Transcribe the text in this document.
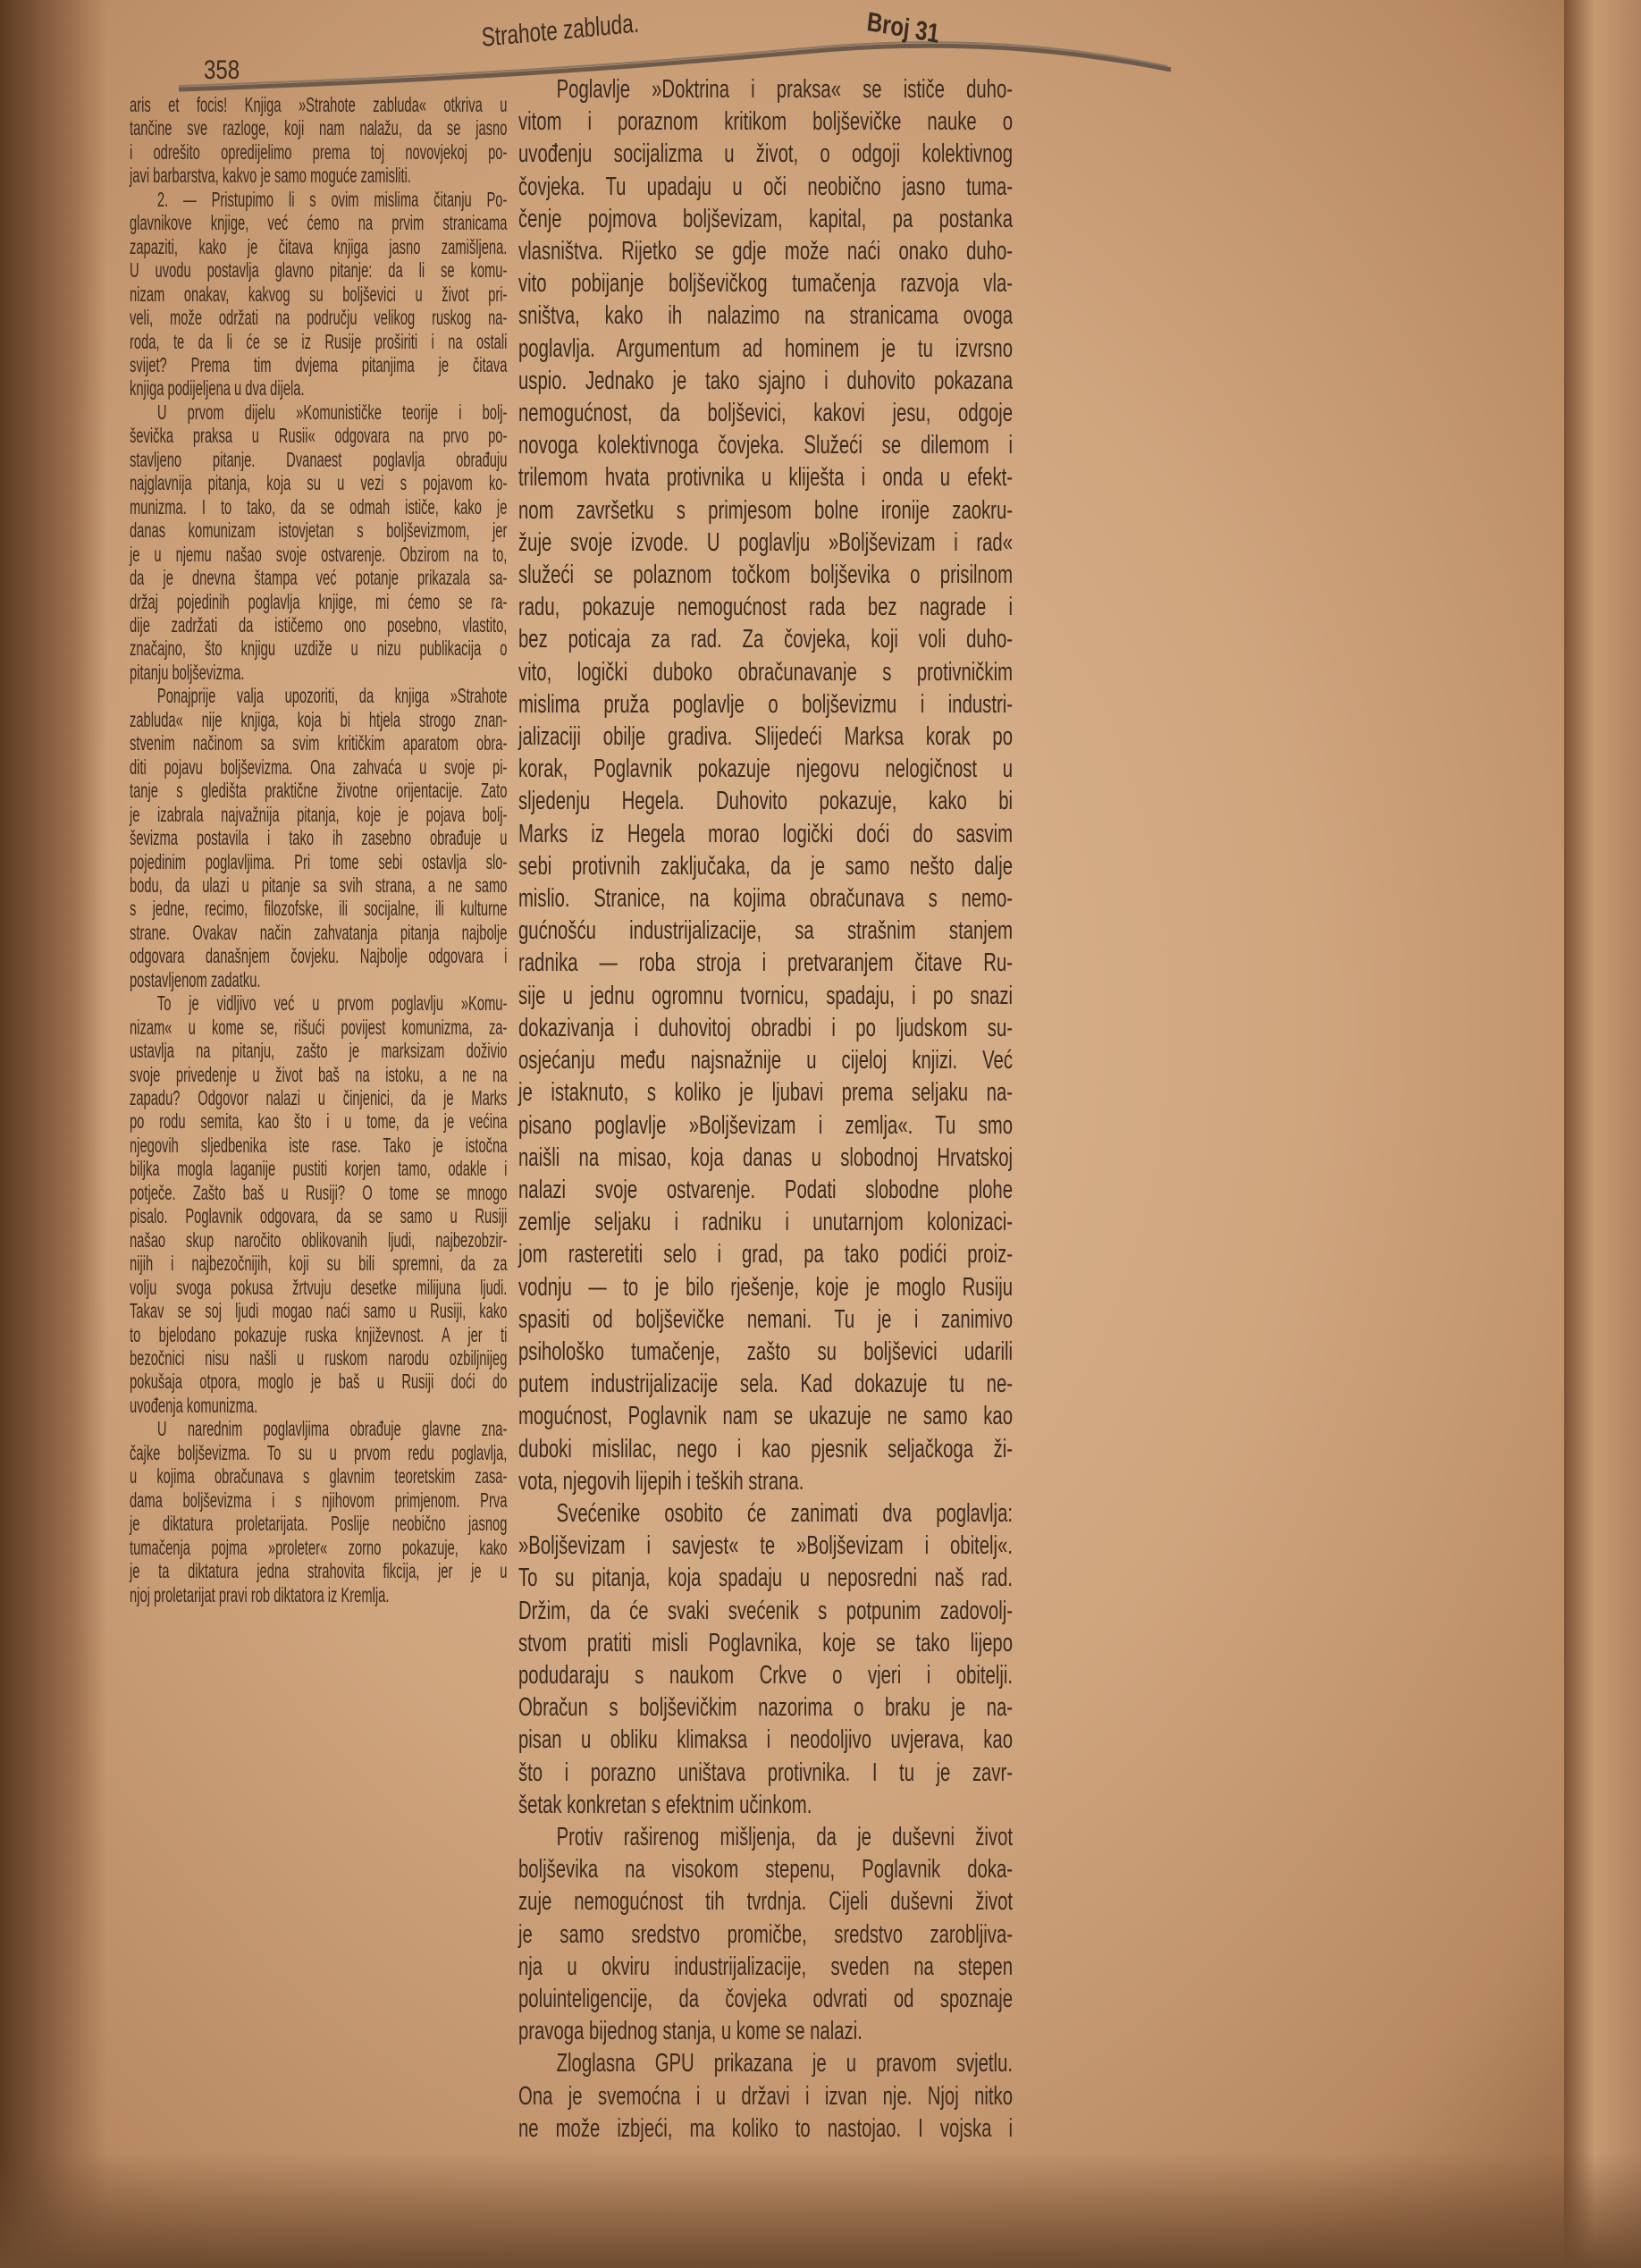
358
Strahote zabluda.	Broj 31
aris et focis! Knjiga »Strahote zabluda« otkriva u
tančine sve razloge, koji nam nalažu, da se jasno
i odrešito opredijelimo prema toj novovjekoj po-
javi barbarstva, kakvo je samo moguće zamisliti.
2. — Pristupimo li s ovim mislima čitanju Po-
glavnikove knjige, već ćemo na prvim stranicama
zapaziti, kako je čitava knjiga jasno zamišljena.
U uvodu postavlja glavno pitanje: da li se komu-
nizam onakav, kakvog su boljševici u život pri-
veli, može održati na području velikog ruskog na-
roda, te da li će se iz Rusije proširiti i na ostali
svijet? Prema tim dvjema pitanjima je čitava
knjiga podijeljena u dva dijela.
U prvom dijelu »Komunističke teorije i bolj-
ševička praksa u Rusii« odgovara na prvo po-
stavljeno pitanje. Dvanaest poglavlja obrađuju
najglavnija pitanja, koja su u vezi s pojavom ko-
munizma. I to tako, da se odmah ističe, kako je
danas komunizam istovjetan s boljševizmom, jer
je u njemu našao svoje ostvarenje. Obzirom na to,
da je dnevna štampa već potanje prikazala sa-
držaj pojedinih poglavlja knjige, mi ćemo se ra-
dije zadržati da ističemo ono posebno, vlastito,
značajno, što knjigu uzdiže u nizu publikacija o
pitanju boljševizma.
Ponajprije valja upozoriti, da knjiga »Strahote
zabluda« nije knjiga, koja bi htjela strogo znan-
stvenim načinom sa svim kritičkim aparatom obra-
diti pojavu boljševizma. Ona zahvaća u svoje pi-
tanje s gledišta praktične životne orijentacije. Zato
je izabrala najvažnija pitanja, koje je pojava bolj-
ševizma postavila i tako ih zasebno obrađuje u
pojedinim poglavljima. Pri tome sebi ostavlja slo-
bodu, da ulazi u pitanje sa svih strana, a ne samo
s jedne, recimo, filozofske, ili socijalne, ili kulturne
strane. Ovakav način zahvatanja pitanja najbolje
odgovara današnjem čovjeku. Najbolje odgovara i
postavljenom zadatku.
To je vidljivo već u prvom poglavlju »Komu-
nizam« u kome se, rišući povijest komunizma, za-
ustavlja na pitanju, zašto je marksizam doživio
svoje privedenje u život baš na istoku, a ne na
zapadu? Odgovor nalazi u činjenici, da je Marks
po rodu semita, kao što i u tome, da je većina
njegovih sljedbenika iste rase. Tako je istočna
biljka mogla laganije pustiti korjen tamo, odakle i
potječe. Zašto baš u Rusiji? O tome se mnogo
pisalo. Poglavnik odgovara, da se samo u Rusiji
našao skup naročito oblikovanih ljudi, najbezobzir-
nijih i najbezočnijih, koji su bili spremni, da za
volju svoga pokusa žrtvuju desetke milijuna ljudi.
Takav se soj ljudi mogao naći samo u Rusiji, kako
to bjelodano pokazuje ruska književnost. A jer ti
bezočnici nisu našli u ruskom narodu ozbiljnijeg
pokušaja otpora, moglo je baš u Rusiji doći do
uvođenja komunizma.
U narednim poglavljima obrađuje glavne zna-
čajke boljševizma. To su u prvom redu poglavlja,
u kojima obračunava s glavnim teoretskim zasa-
dama boljševizma i s njihovom primjenom. Prva
je diktatura proletarijata. Poslije neobično jasnog
tumačenja pojma »proleter« zorno pokazuje, kako
je ta diktatura jedna strahovita fikcija, jer je u
njoj proletarijat pravi rob diktatora iz Kremlja.
Poglavlje »Doktrina i praksa« se ističe duho-
vitom i poraznom kritikom boljševičke nauke o
uvođenju socijalizma u život, o odgoji kolektivnog
čovjeka. Tu upadaju u oči neobično jasno tuma-
čenje pojmova boljševizam, kapital, pa postanka
vlasništva. Rijetko se gdje može naći onako duho-
vito pobijanje boljševičkog tumačenja razvoja vla-
sništva, kako ih nalazimo na stranicama ovoga
poglavlja. Argumentum ad hominem je tu izvrsno
uspio. Jednako je tako sjajno i duhovito pokazana
nemogućnost, da boljševici, kakovi jesu, odgoje
novoga kolektivnoga čovjeka. Služeći se dilemom i
trilemom hvata protivnika u kliješta i onda u efekt-
nom završetku s primjesom bolne ironije zaokru-
žuje svoje izvode. U poglavlju »Boljševizam i rad«
služeći se polaznom točkom boljševika o prisilnom
radu, pokazuje nemogućnost rada bez nagrade i
bez poticaja za rad. Za čovjeka, koji voli duho-
vito, logički duboko obračunavanje s protivničkim
mislima pruža poglavlje o boljševizmu i industri-
jalizaciji obilje gradiva. Slijedeći Marksa korak po
korak, Poglavnik pokazuje njegovu nelogičnost u
sljedenju Hegela. Duhovito pokazuje, kako bi
Marks iz Hegela morao logički doći do sasvim
sebi protivnih zaključaka, da je samo nešto dalje
mislio. Stranice, na kojima obračunava s nemo-
gućnošću industrijalizacije, sa strašnim stanjem
radnika — roba stroja i pretvaranjem čitave Ru-
sije u jednu ogromnu tvornicu, spadaju, i po snazi
dokazivanja i duhovitoj obradbi i po ljudskom su-
osjećanju među najsnažnije u cijeloj knjizi. Već
je istaknuto, s koliko je ljubavi prema seljaku na-
pisano poglavlje »Boljševizam i zemlja«. Tu smo
naišli na misao, koja danas u slobodnoj Hrvatskoj
nalazi svoje ostvarenje. Podati slobodne plohe
zemlje seljaku i radniku i unutarnjom kolonizaci-
jom rasteretiti selo i grad, pa tako podići proiz-
vodnju — to je bilo rješenje, koje je moglo Rusiju
spasiti od boljševičke nemani. Tu je i zanimivo
psihološko tumačenje, zašto su boljševici udarili
putem industrijalizacije sela. Kad dokazuje tu ne-
mogućnost, Poglavnik nam se ukazuje ne samo kao
duboki mislilac, nego i kao pjesnik seljačkoga ži-
vota, njegovih lijepih i teških strana.
Svećenike osobito će zanimati dva poglavlja:
»Boljševizam i savjest« te »Boljševizam i obitelj«.
To su pitanja, koja spadaju u neposredni naš rad.
Držim, da će svaki svećenik s potpunim zadovolj-
stvom pratiti misli Poglavnika, koje se tako lijepo
podudaraju s naukom Crkve o vjeri i obitelji.
Obračun s boljševičkim nazorima o braku je na-
pisan u obliku klimaksa i neodoljivo uvjerava, kao
što i porazno uništava protivnika. I tu je zavr-
šetak konkretan s efektnim učinkom.
Protiv raširenog mišljenja, da je duševni život
boljševika na visokom stepenu, Poglavnik doka-
zuje nemogućnost tih tvrdnja. Cijeli duševni život
je samo sredstvo promičbe, sredstvo zarobljiva-
nja u okviru industrijalizacije, sveden na stepen
poluinteligencije, da čovjeka odvrati od spoznaje
pravoga bijednog stanja, u kome se nalazi.
Zloglasna GPU prikazana je u pravom svjetlu.
Ona je svemoćna i u državi i izvan nje. Njoj nitko
ne može izbjeći, ma koliko to nastojao. I vojska i
